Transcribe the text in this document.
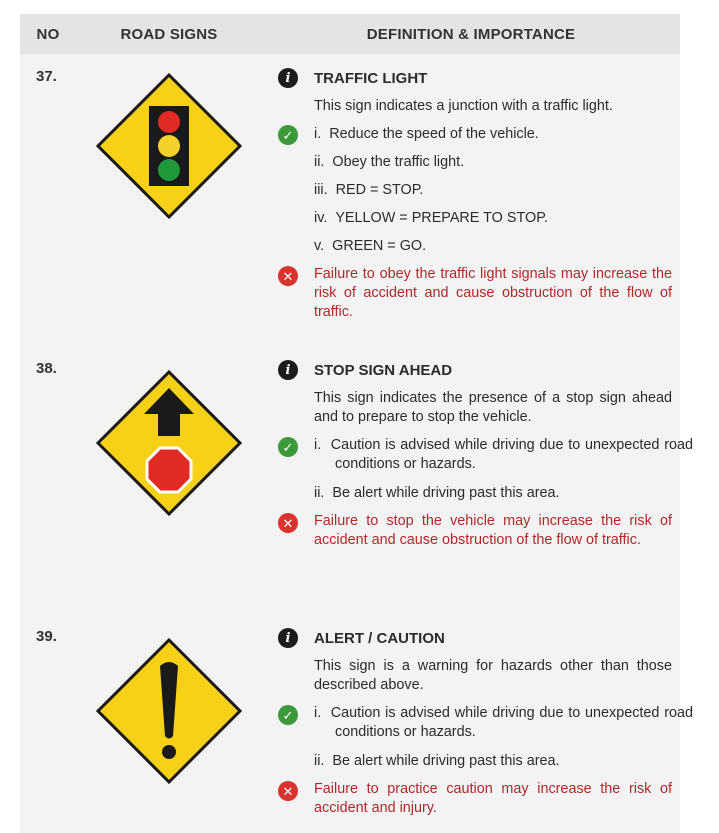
NO	ROAD SIGNS	DEFINITION & IMPORTANCE
37.	i	TRAFFIC LIGHT
This sign indicates a junction with a traffic light.
✓	i.  Reduce the speed of the vehicle.
ii.  Obey the traffic light.
iii.  RED = STOP.
iv.  YELLOW = PREPARE TO STOP.
v.  GREEN = GO.
✕	Failure to obey the traffic light signals may increase the risk of accident and cause obstruction of the flow of traffic.
38.	i	STOP SIGN AHEAD
This sign indicates the presence of a stop sign ahead and to prepare to stop the vehicle.
✓	i.  Caution is advised while driving due to unexpected road conditions or hazards.
ii.  Be alert while driving past this area.
✕	Failure to stop the vehicle may increase the risk of accident and cause obstruction of the flow of traffic.
39.	i	ALERT / CAUTION
This sign is a warning for hazards other than those described above.
✓	i.  Caution is advised while driving due to unexpected road conditions or hazards.
ii.  Be alert while driving past this area.
✕	Failure to practice caution may increase the risk of accident and injury.
